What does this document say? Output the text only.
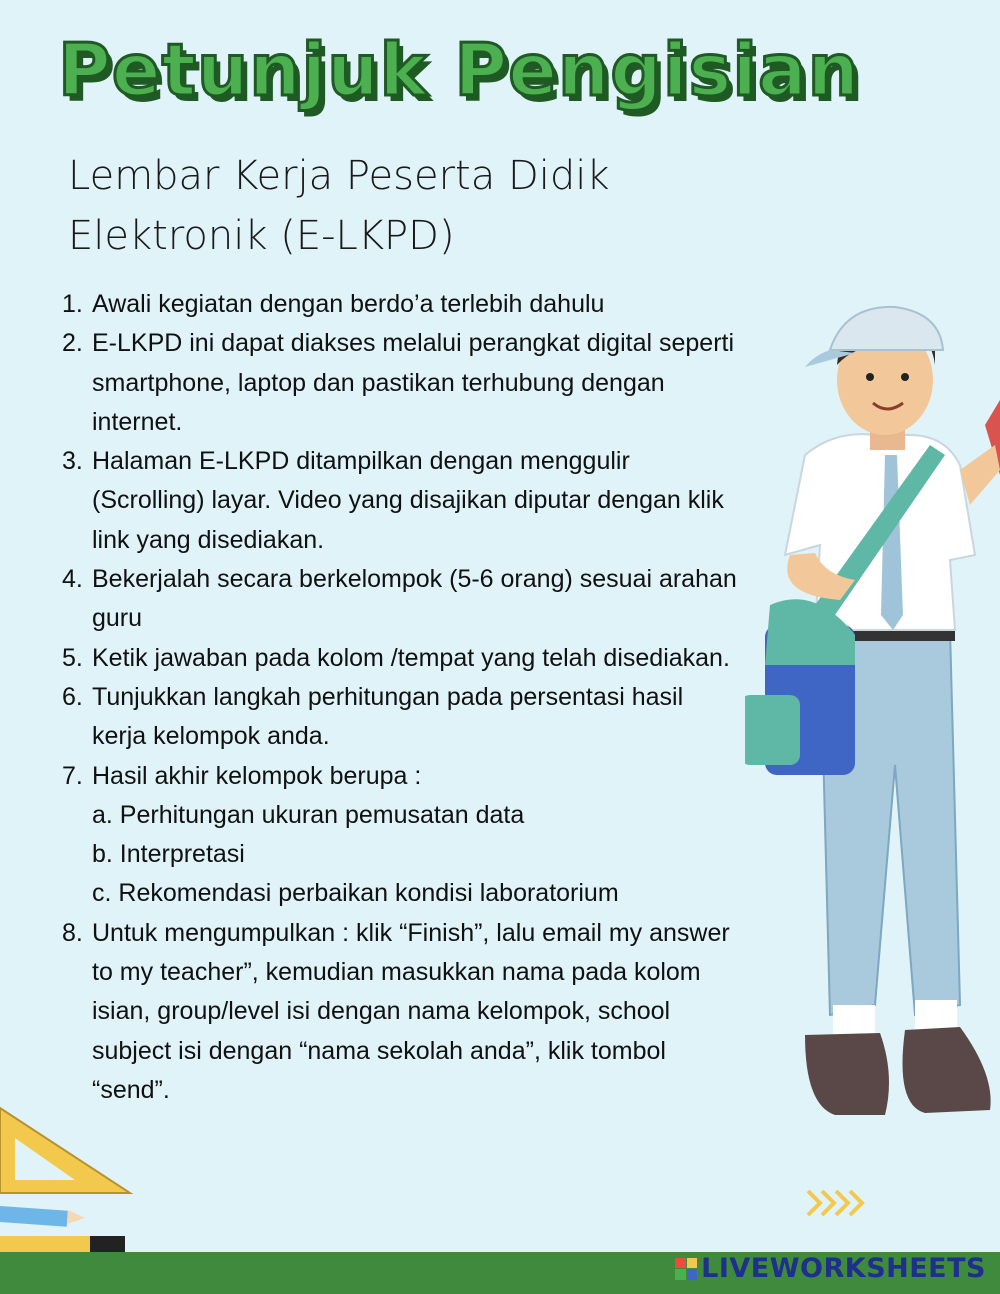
Petunjuk Pengisian
Lembar Kerja Peserta Didik
Elektronik (E-LKPD)
1. Awali kegiatan dengan berdo’a terlebih dahulu
2. E-LKPD ini dapat diakses melalui perangkat digital seperti smartphone, laptop dan pastikan terhubung dengan internet.
3. Halaman E-LKPD ditampilkan dengan menggulir (Scrolling) layar. Video yang disajikan diputar dengan klik link yang disediakan.
4. Bekerjalah secara berkelompok (5-6 orang) sesuai arahan guru
5. Ketik jawaban pada kolom /tempat yang telah disediakan.
6. Tunjukkan langkah perhitungan pada persentasi hasil kerja kelompok anda.
7. Hasil akhir kelompok berupa :
a. Perhitungan ukuran pemusatan data
b. Interpretasi
c. Rekomendasi perbaikan kondisi laboratorium
8. Untuk mengumpulkan : klik “Finish”, lalu email my answer to my teacher”, kemudian masukkan nama pada kolom isian, group/level isi dengan nama kelompok, school subject isi dengan “nama sekolah anda”, klik tombol “send”.
LIVEWORKSHEETS
